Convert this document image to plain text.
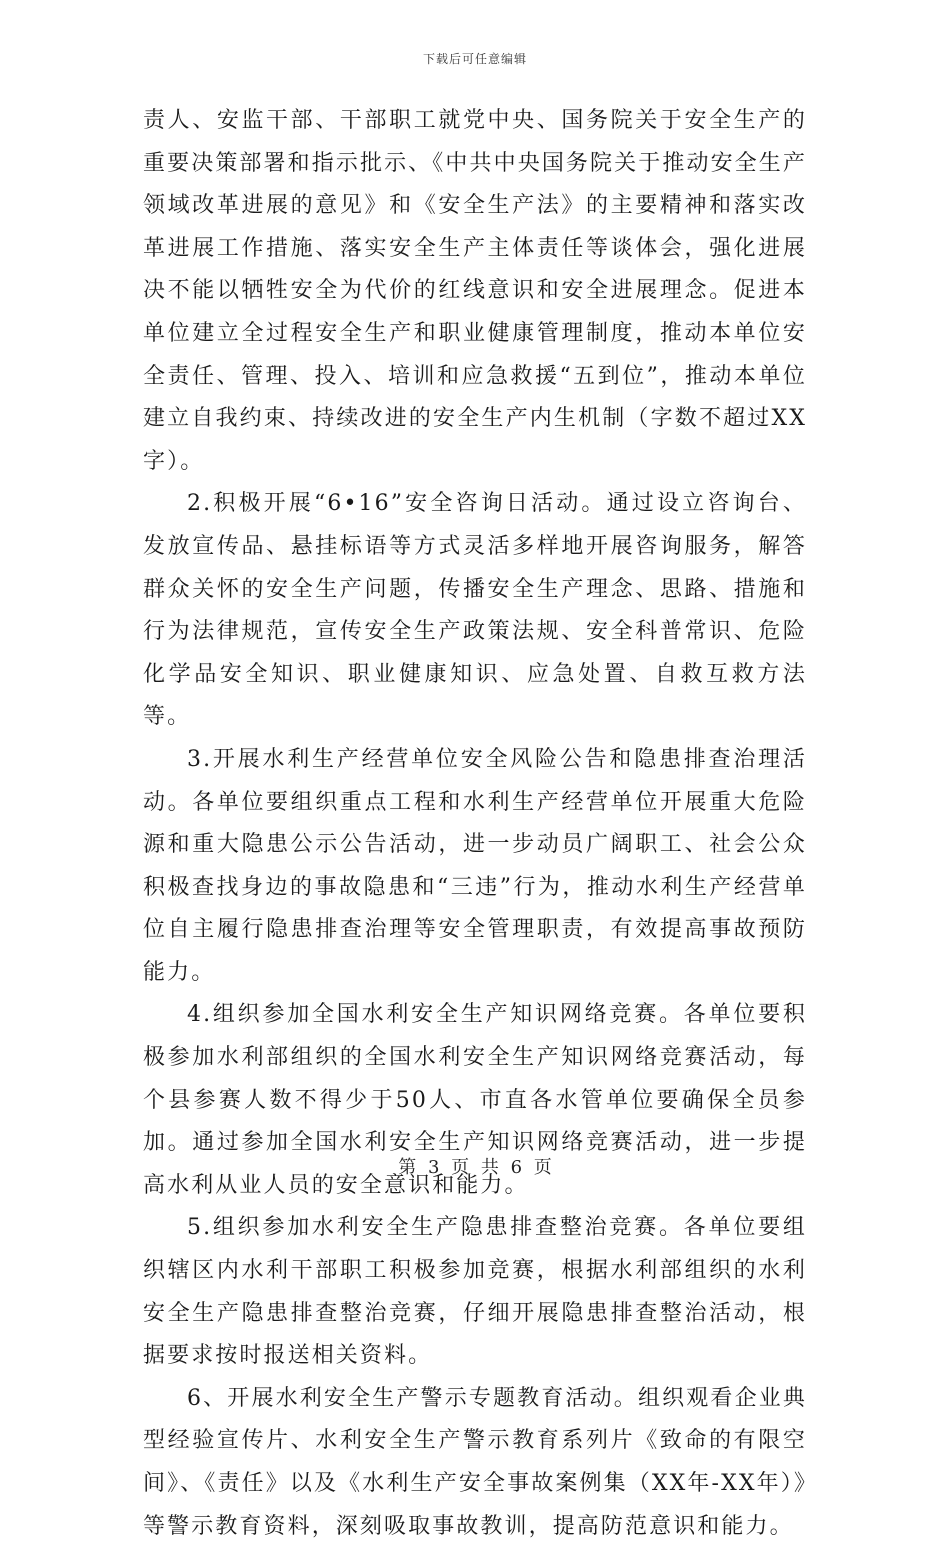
下载后可任意编辑

责人、安监干部、干部职工就党中央、国务院关于安全生产的重要决策部署和指示批示、《中共中央国务院关于推动安全生产领域改革进展的意见》和《安全生产法》的主要精神和落实改革进展工作措施、落实安全生产主体责任等谈体会，强化进展决不能以牺牲安全为代价的红线意识和安全进展理念。促进本单位建立全过程安全生产和职业健康管理制度，推动本单位安全责任、管理、投入、培训和应急救援“五到位”，推动本单位建立自我约束、持续改进的安全生产内生机制（字数不超过XX字）。

2.积极开展“6•16”安全咨询日活动。通过设立咨询台、发放宣传品、悬挂标语等方式灵活多样地开展咨询服务，解答群众关怀的安全生产问题，传播安全生产理念、思路、措施和行为法律规范，宣传安全生产政策法规、安全科普常识、危险化学品安全知识、职业健康知识、应急处置、自救互救方法等。

3.开展水利生产经营单位安全风险公告和隐患排查治理活动。各单位要组织重点工程和水利生产经营单位开展重大危险源和重大隐患公示公告活动，进一步动员广阔职工、社会公众积极查找身边的事故隐患和“三违”行为，推动水利生产经营单位自主履行隐患排查治理等安全管理职责，有效提高事故预防能力。

4.组织参加全国水利安全生产知识网络竞赛。各单位要积极参加水利部组织的全国水利安全生产知识网络竞赛活动，每个县参赛人数不得少于50人、市直各水管单位要确保全员参加。通过参加全国水利安全生产知识网络竞赛活动，进一步提高水利从业人员的安全意识和能力。

5.组织参加水利安全生产隐患排查整治竞赛。各单位要组织辖区内水利干部职工积极参加竞赛，根据水利部组织的水利安全生产隐患排查整治竞赛，仔细开展隐患排查整治活动，根据要求按时报送相关资料。

6、开展水利安全生产警示专题教育活动。组织观看企业典型经验宣传片、水利安全生产警示教育系列片《致命的有限空间》、《责任》以及《水利生产安全事故案例集（XX年-XX年）》等警示教育资料，深刻吸取事故教训，提高防范意识和能力。

第 3 页 共 6 页
